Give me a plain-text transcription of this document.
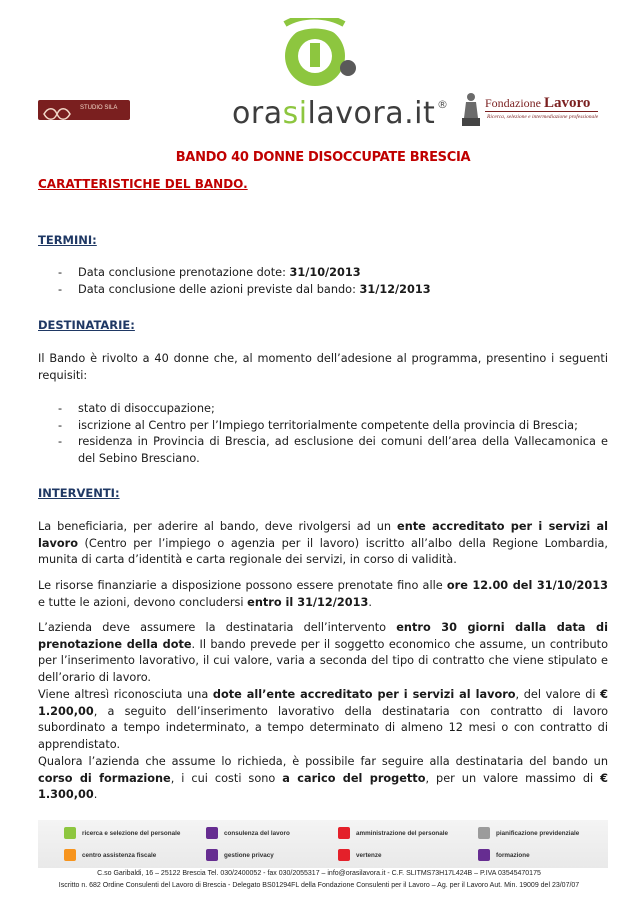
STUDIO SILA	orasilavora.it ®	Fondazione Lavoro
Ricerca, selezione e intermediazione professionale
BANDO 40 DONNE DISOCCUPATE BRESCIA
CARATTERISTICHE DEL BANDO.
TERMINI:
- Data conclusione prenotazione dote: 31/10/2013
- Data conclusione delle azioni previste dal bando: 31/12/2013
DESTINATARIE:
Il Bando è rivolto a 40 donne che, al momento dell’adesione al programma, presentino i seguenti requisiti:
- stato di disoccupazione;
- iscrizione al Centro per l’Impiego territorialmente competente della provincia di Brescia;
- residenza in Provincia di Brescia, ad esclusione dei comuni dell’area della Vallecamonica e del Sebino Bresciano.
INTERVENTI:
La beneficiaria, per aderire al bando, deve rivolgersi ad un ente accreditato per i servizi al lavoro (Centro per l’impiego o agenzia per il lavoro) iscritto all’albo della Regione Lombardia, munita di carta d’identità e carta regionale dei servizi, in corso di validità.
Le risorse finanziarie a disposizione possono essere prenotate fino alle ore 12.00 del 31/10/2013 e tutte le azioni, devono concludersi entro il 31/12/2013.
L’azienda deve assumere la destinataria dell’intervento entro 30 giorni dalla data di prenotazione della dote. Il bando prevede per il soggetto economico che assume, un contributo per l’inserimento lavorativo, il cui valore, varia a seconda del tipo di contratto che viene stipulato e dell’orario di lavoro.
Viene altresì riconosciuta una dote all’ente accreditato per i servizi al lavoro, del valore di € 1.200,00, a seguito dell’inserimento lavorativo della destinataria con contratto di lavoro subordinato a tempo indeterminato, a tempo determinato di almeno 12 mesi o con contratto di apprendistato.
Qualora l’azienda che assume lo richieda, è possibile far seguire alla destinataria del bando un corso di formazione, i cui costi sono a carico del progetto, per un valore massimo di € 1.300,00.
ricerca e selezione del personale	consulenza del lavoro	amministrazione del personale	pianificazione previdenziale
centro assistenza fiscale	gestione privacy	vertenze	formazione
C.so Garibaldi, 16 – 25122 Brescia Tel. 030/2400052 - fax 030/2055317 – info@orasilavora.it - C.F. SLITMS73H17L424B – P.IVA 03545470175
Iscritto n. 682 Ordine Consulenti del Lavoro di Brescia - Delegato BS01294FL della Fondazione Consulenti per il Lavoro – Ag. per il Lavoro Aut. Min. 19009 del 23/07/07
